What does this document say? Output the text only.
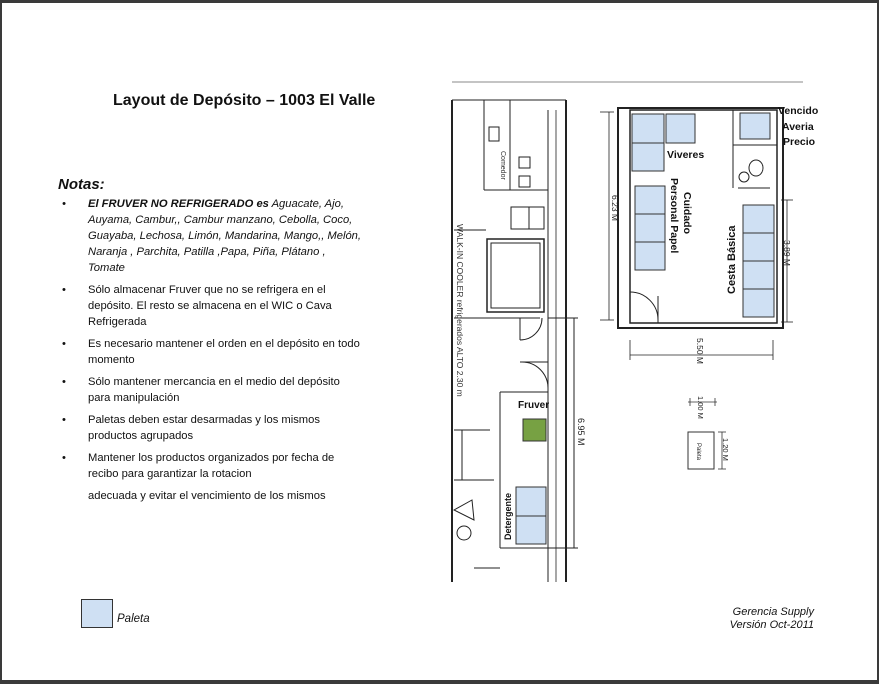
Layout de Depósito – 1003 El Valle
Notas:
• El FRUVER NO REFRIGERADO es Aguacate, Ajo, Auyama, Cambur,, Cambur manzano, Cebolla, Coco, Guayaba, Lechosa, Limón, Mandarina, Mango,, Melón, Naranja , Parchita, Patilla ,Papa, Piña, Plátano , Tomate
• Sólo almacenar Fruver que no se refrigera en el depósito. El resto se almacena en el WIC o Cava Refrigerada
• Es necesario mantener el orden en el depósito en todo momento
• Sólo mantener mercancia en el medio del depósito para manipulación
• Paletas deben estar desarmadas y los mismos productos agrupados
• Mantener los productos organizados por fecha de recibo para garantizar la rotacion
adecuada y evitar el vencimiento de los mismos
Paleta
Gerencia Supply
Versión Oct-2011
Comedor
WALK-IN COOLER refrigerados ALTO 2.30 m
6.95 M
Fruver
Detergente
Viveres
Vencido
Averia
Precio
Cuidado
Personal Papel
Cesta Básica
6.23 M
3.89 M
5.50 M
1.00 M
1.20 M
Paleta
